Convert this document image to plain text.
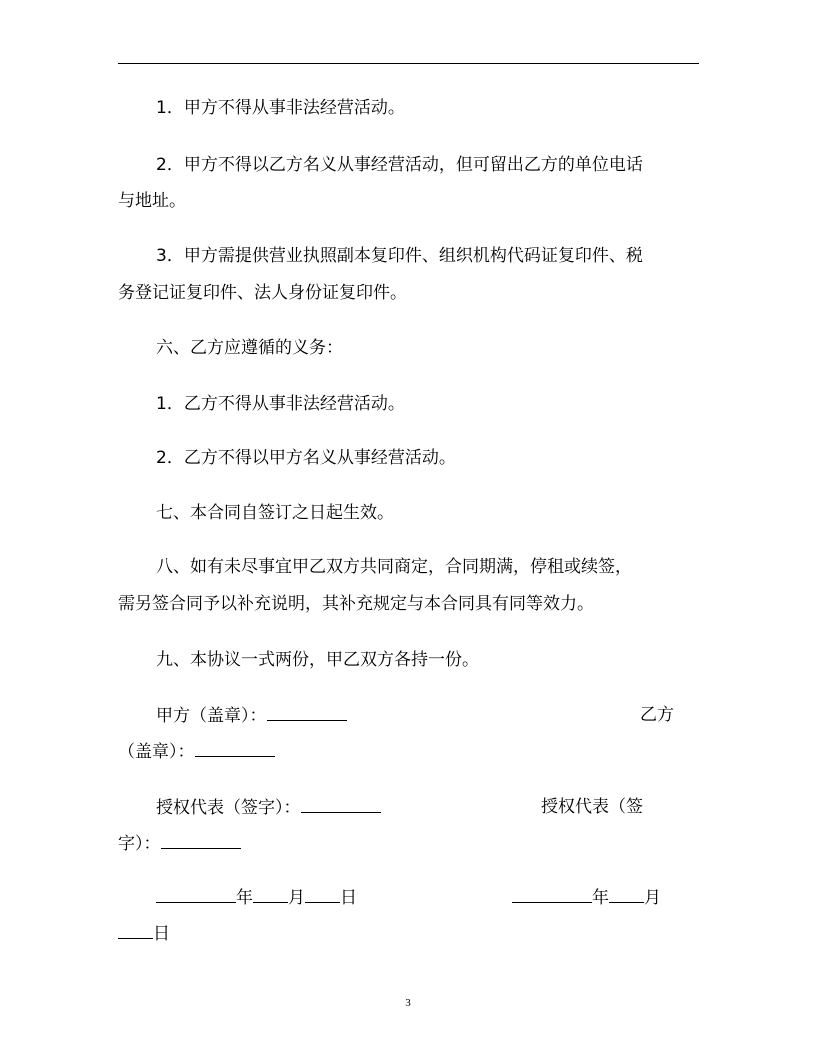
1．甲方不得从事非法经营活动。
2．甲方不得以乙方名义从事经营活动，但可留出乙方的单位电话
与地址。
3．甲方需提供营业执照副本复印件、组织机构代码证复印件、税
务登记证复印件、法人身份证复印件。
六、乙方应遵循的义务：
1．乙方不得从事非法经营活动。
2．乙方不得以甲方名义从事经营活动。
七、本合同自签订之日起生效。
八、如有未尽事宜甲乙双方共同商定，合同期满，停租或续签，
需另签合同予以补充说明，其补充规定与本合同具有同等效力。
九、本协议一式两份，甲乙双方各持一份。
甲方（盖章）：	乙方
（盖章）：
授权代表（签字）：	授权代表（签
字）：
年 月 日	年 月
日
3
